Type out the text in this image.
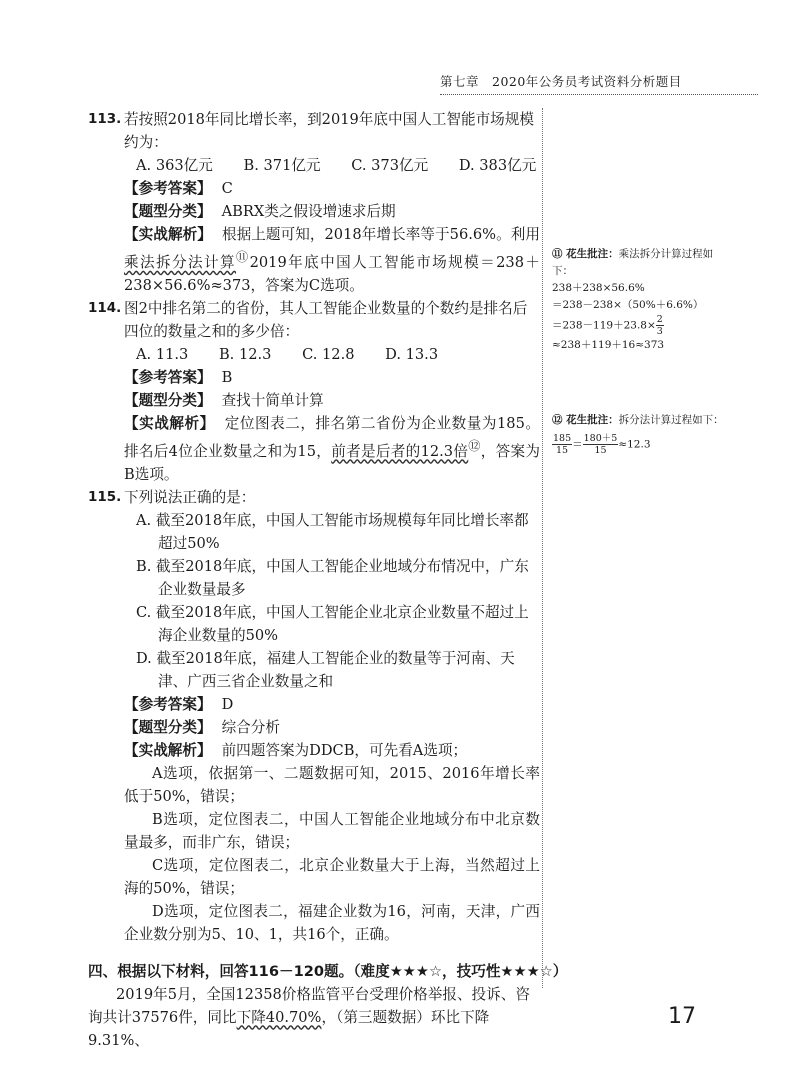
第七章　2020年公务员考试资料分析题目
113. 若按照2018年同比增长率，到2019年底中国人工智能市场规模约为：
A. 363亿元 B. 371亿元 C. 373亿元 D. 383亿元
【参考答案】 C
【题型分类】 ABRX类之假设增速求后期
【实战解析】 根据上题可知，2018年增长率等于56.6%。利用乘法拆分法计算⑪2019年底中国人工智能市场规模＝238＋238×56.6%≈373，答案为C选项。
114. 图2中排名第二的省份，其人工智能企业数量的个数约是排名后四位的数量之和的多少倍：
A. 11.3 B. 12.3 C. 12.8 D. 13.3
【参考答案】 B
【题型分类】 查找十简单计算
【实战解析】 定位图表二，排名第二省份为企业数量为185。排名后4位企业数量之和为15，前者是后者的12.3倍⑫，答案为B选项。
115. 下列说法正确的是：
A. 截至2018年底，中国人工智能市场规模每年同比增长率都超过50%
B. 截至2018年底，中国人工智能企业地域分布情况中，广东企业数量最多
C. 截至2018年底，中国人工智能企业北京企业数量不超过上海企业数量的50%
D. 截至2018年底，福建人工智能企业的数量等于河南、天津、广西三省企业数量之和
【参考答案】 D
【题型分类】 综合分析
【实战解析】 前四题答案为DDCB，可先看A选项；
A选项，依据第一、二题数据可知，2015、2016年增长率低于50%，错误；
B选项，定位图表二，中国人工智能企业地域分布中北京数量最多，而非广东，错误；
C选项，定位图表二，北京企业数量大于上海，当然超过上海的50%，错误；
D选项，定位图表二，福建企业数为16，河南，天津，广西企业数分别为5、10、1，共16个，正确。
四、根据以下材料，回答116－120题。（难度★★★☆，技巧性★★★☆）
2019年5月，全国12358价格监管平台受理价格举报、投诉、咨询共计37576件，同比下降40.70%，（第三题数据）环比下降9.31%、
⑪ 花生批注：乘法拆分计算过程如下：
238＋238×56.6%
＝238－238×（50%＋6.6%）
$=238-119+23.8\times \frac{2}{3}$
≈238＋119＋16≈373
⑫ 花生批注：拆分法计算过程如下：
$\frac{185}{15}= \frac{180+5}{15}\approx 12.3$
17
